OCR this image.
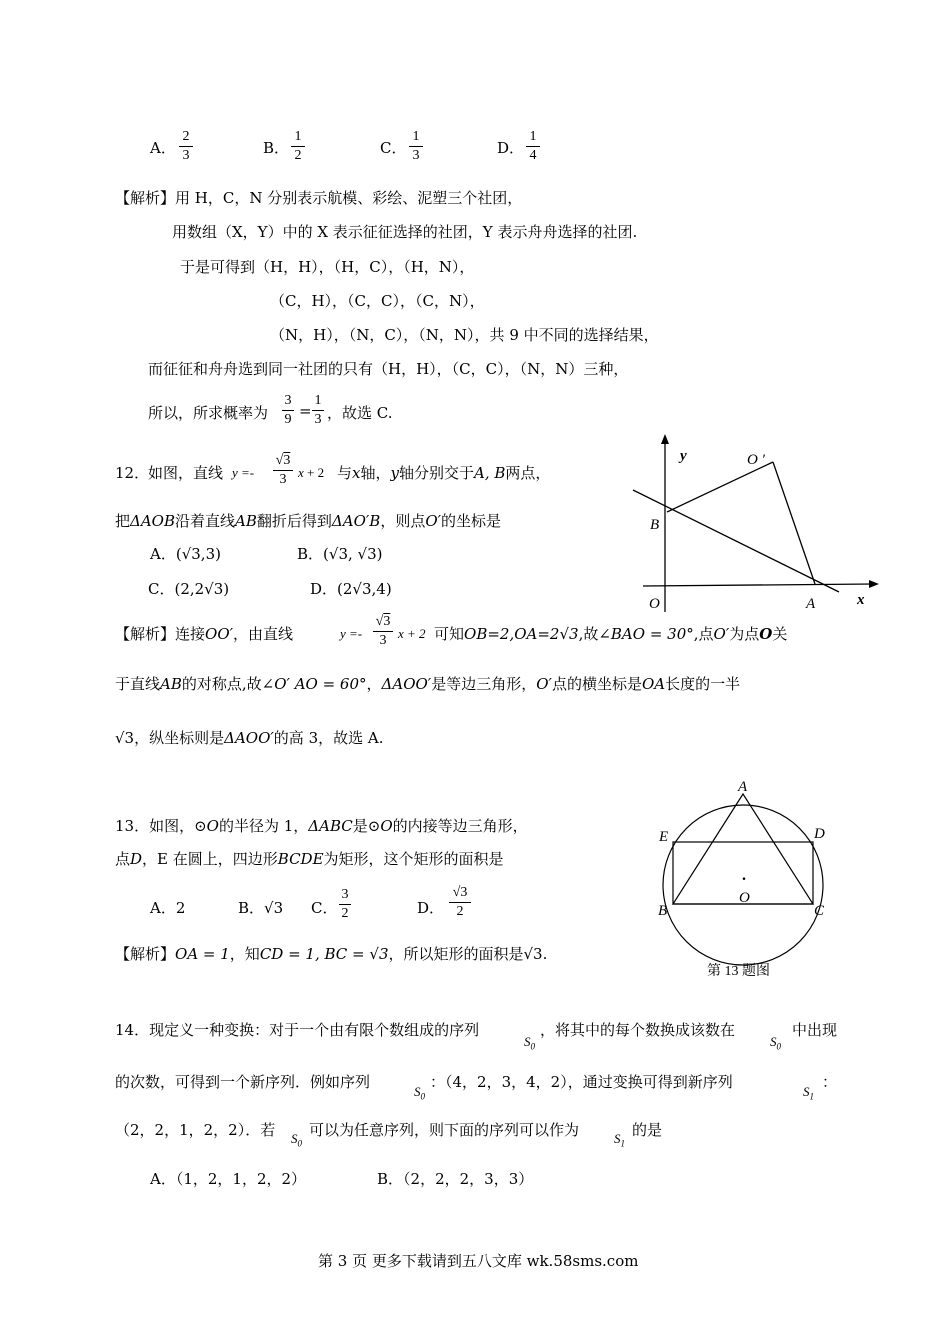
A．
2
3	B．
1
2	C．
1
3	D．
1
4
【解析】用 H，C，N 分别表示航模、彩绘、泥塑三个社团，
用数组（X，Y）中的 X 表示征征选择的社团，Y 表示舟舟选择的社团.
于是可得到（H，H），（H，C），（H，N），
（C，H），（C，C），（C，N），
（N，H），（N，C），（N，N），共 9 中不同的选择结果，
而征征和舟舟选到同一社团的只有（H，H），（C，C），（N，N）三种，
所以，所求概率为
3
9 =
1
3 ，故选 C.
12．
如图，直线 y =-
√3
3 x + 2 与x轴，y轴分别交于A, B两点，
把ΔAOB沿着直线AB翻折后得到ΔAO′B，则点O′的坐标是
A．(√3,3)	B．(√3, √3)
C．(2,2√3)	D．(2√3,4)
y
x
O	A
B
O ′
【解析】连接OO′，由直线	y =-
√3
3 x + 2 可知OB=2,OA=2√3,故∠BAO = 30°,点O′为点O关
于直线AB的对称点,故∠O′ AO = 60°，ΔAOO′是等边三角形，O′点的横坐标是OA长度的一半
√3，纵坐标则是ΔAOO′的高 3，故选 A.
13．如图，⊙O的半径为 1，ΔABC是⊙O的内接等边三角形，
点D，E 在圆上，四边形BCDE为矩形，这个矩形的面积是
A．2	B．√3 C．
3
2	D．
√3
2
【解析】OA = 1，知CD = 1, BC = √3，所以矩形的面积是√3.
A
B	C
D
E
.
O
第 13 题图
14．现定义一种变换：对于一个由有限个数组成的序列
$S_0$
，将其中的每个数换成该数在
$S_0$
中出现
的次数，可得到一个新序列．例如序列
$S_0$
：（4，2，3，4，2），通过变换可得到新序列
$S_1$
：
（2，2，1，2，2）．若 $S_0$
可以为任意序列，则下面的序列可以作为	$S_1$
的是
A．（1，2，1，2，2）	B．（2，2，2，3，3）
第 3 页 更多下载请到五八文库 wk.58sms.com
